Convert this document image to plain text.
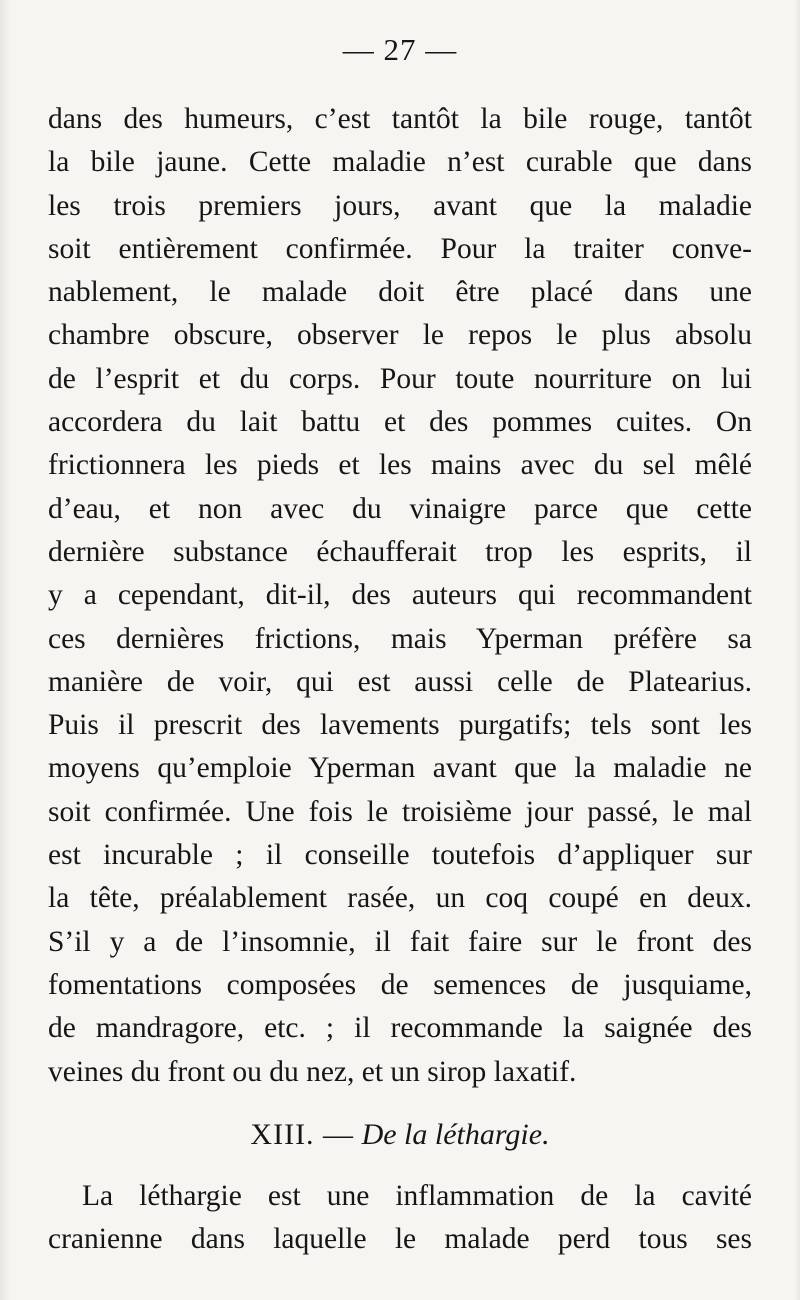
— 27 —
dans des humeurs, c’est tantôt la bile rouge, tantôt
la bile jaune. Cette maladie n’est curable que dans
les trois premiers jours, avant que la maladie
soit entièrement confirmée. Pour la traiter conve-
nablement, le malade doit être placé dans une
chambre obscure, observer le repos le plus absolu
de l’esprit et du corps. Pour toute nourriture on lui
accordera du lait battu et des pommes cuites. On
frictionnera les pieds et les mains avec du sel mêlé
d’eau, et non avec du vinaigre parce que cette
dernière substance échaufferait trop les esprits, il
y a cependant, dit-il, des auteurs qui recommandent
ces dernières frictions, mais Yperman préfère sa
manière de voir, qui est aussi celle de Platearius.
Puis il prescrit des lavements purgatifs; tels sont les
moyens qu’emploie Yperman avant que la maladie ne
soit confirmée. Une fois le troisième jour passé, le mal
est incurable ; il conseille toutefois d’appliquer sur
la tête, préalablement rasée, un coq coupé en deux.
S’il y a de l’insomnie, il fait faire sur le front des
fomentations composées de semences de jusquiame,
de mandragore, etc. ; il recommande la saignée des
veines du front ou du nez, et un sirop laxatif.
XIII. — De la léthargie.
La léthargie est une inflammation de la cavité
cranienne dans laquelle le malade perd tous ses
